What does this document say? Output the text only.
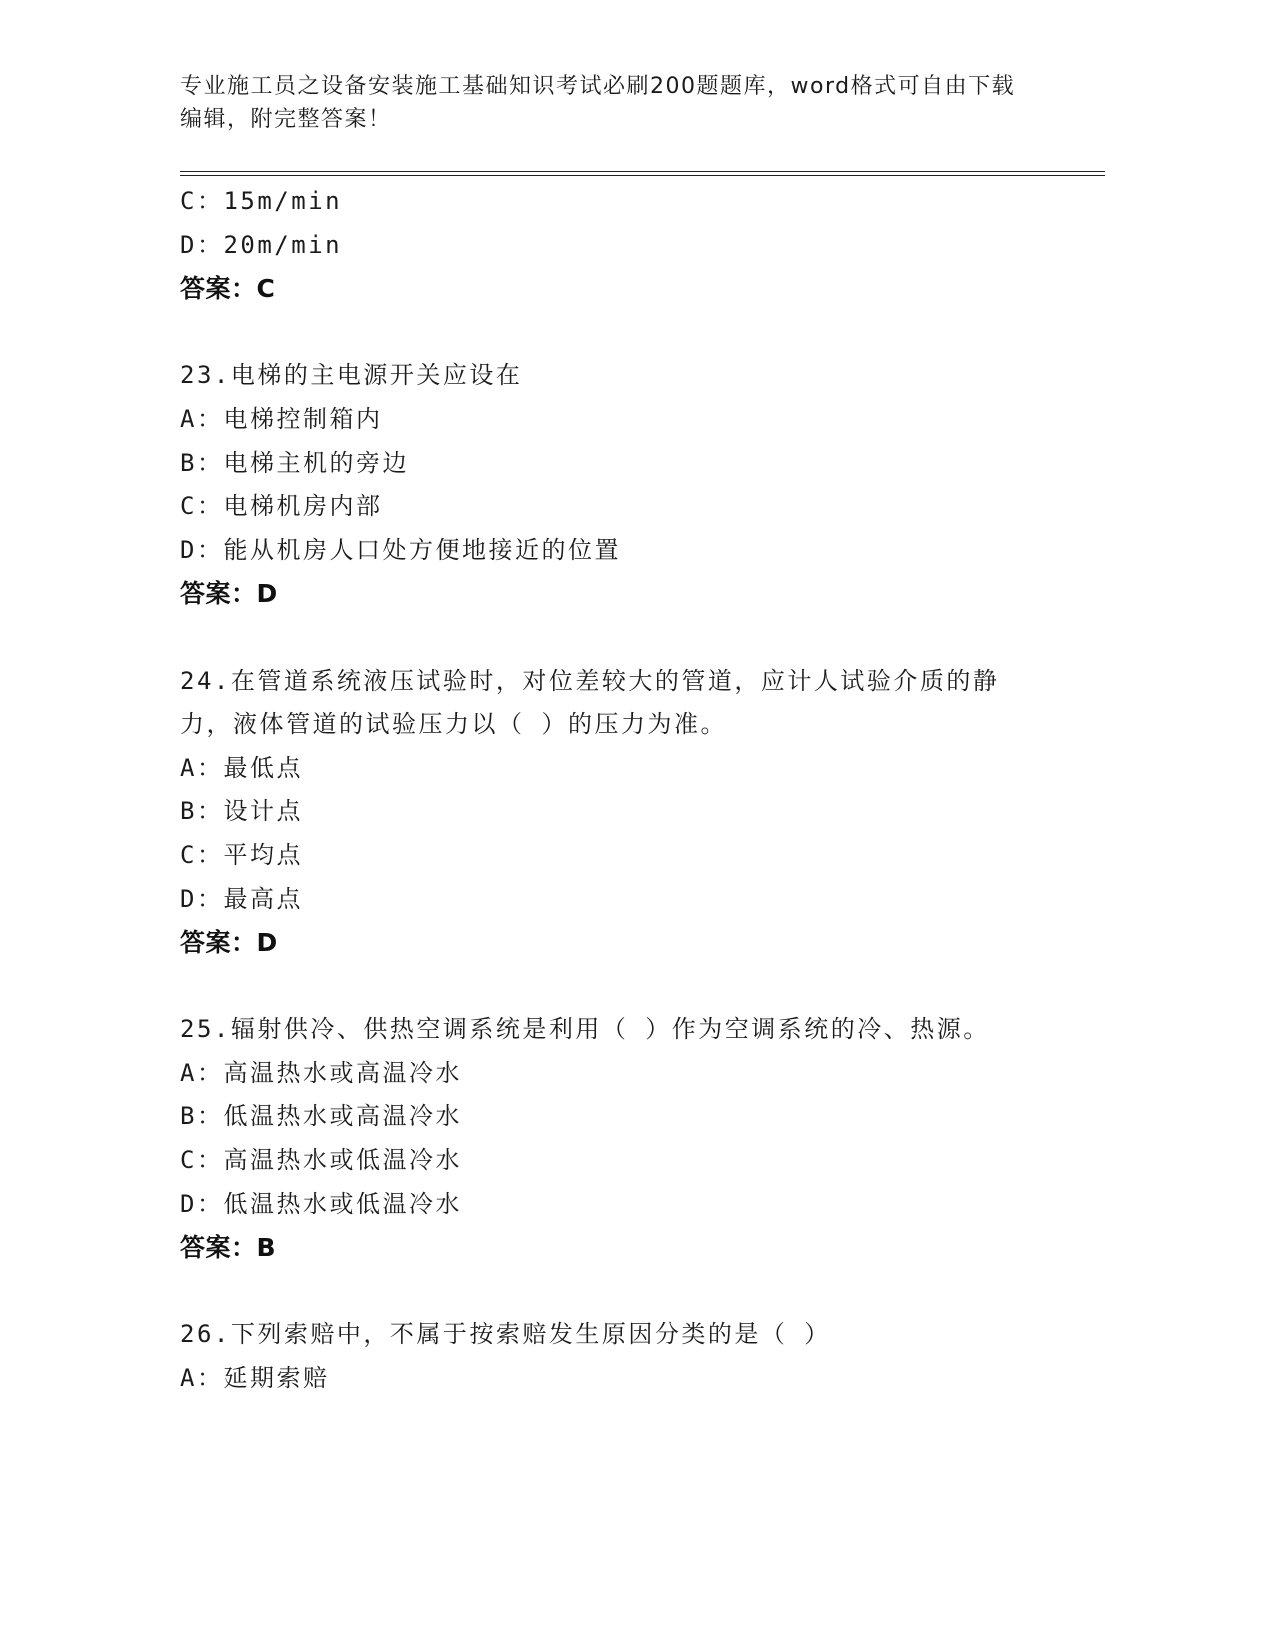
专业施工员之设备安装施工基础知识考试必刷200题题库，word格式可自由下载
编辑，附完整答案！
C：15m/min
D：20m/min
答案：C
23.电梯的主电源开关应设在
A：电梯控制箱内
B：电梯主机的旁边
C：电梯机房内部
D：能从机房人口处方便地接近的位置
答案：D
24.在管道系统液压试验时，对位差较大的管道，应计人试验介质的静
力，液体管道的试验压力以（ ）的压力为准。
A：最低点
B：设计点
C：平均点
D：最高点
答案：D
25.辐射供冷、供热空调系统是利用（ ）作为空调系统的冷、热源。
A：高温热水或高温冷水
B：低温热水或高温冷水
C：高温热水或低温冷水
D：低温热水或低温冷水
答案：B
26.下列索赔中，不属于按索赔发生原因分类的是（ ）
A：延期索赔
